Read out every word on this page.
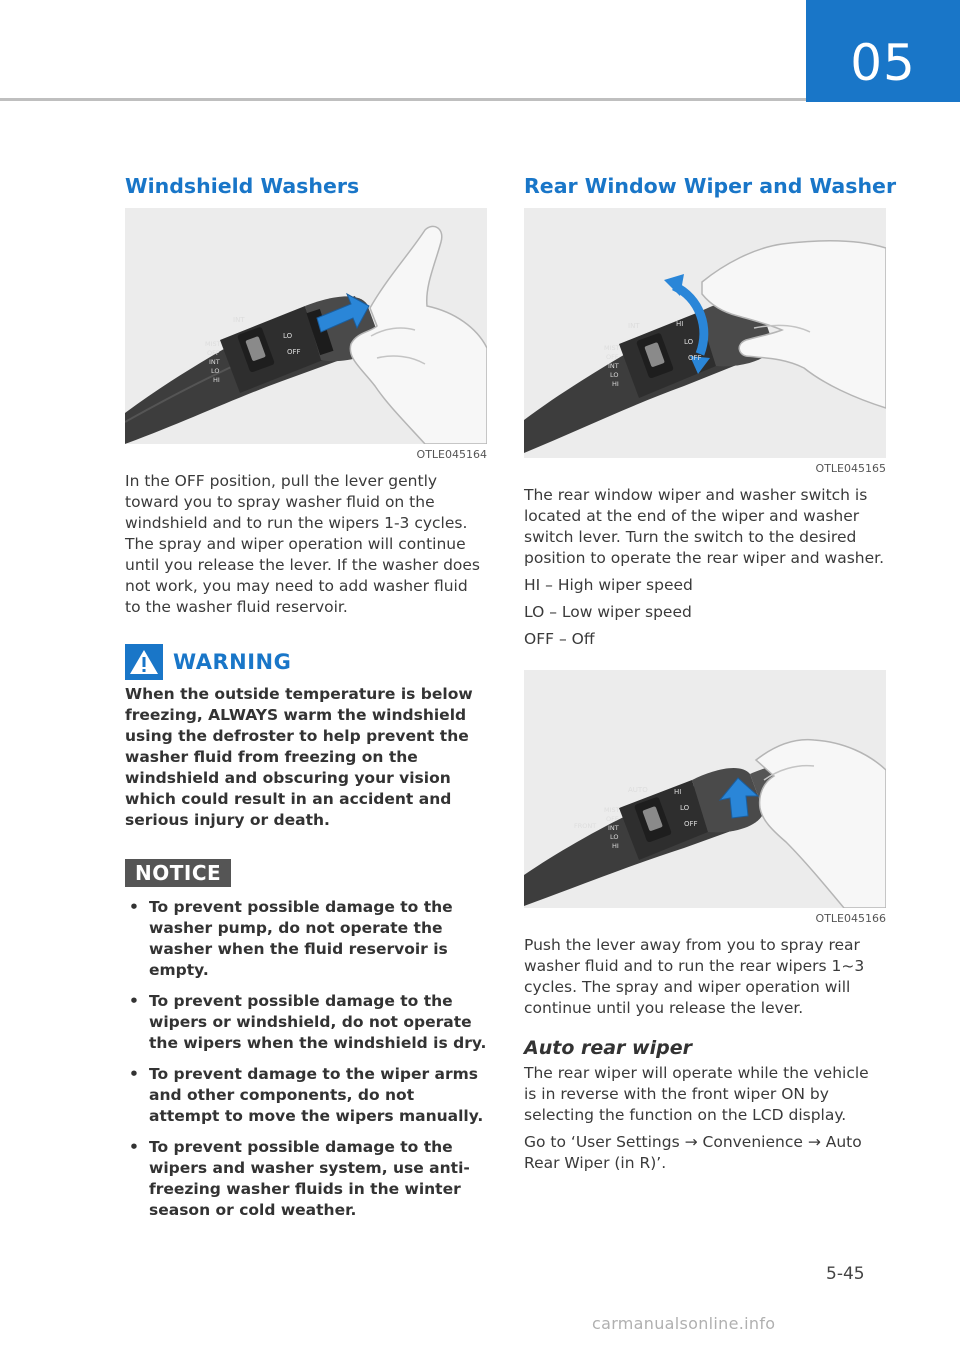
05
Windshield Washers
INT
LO
OFF
MIST
OFF
INT
LO
HI
OTLE045164

In the OFF position, pull the lever gently toward you to spray washer fluid on the windshield and to run the wipers 1-3 cycles. The spray and wiper operation will continue until you release the lever. If the washer does not work, you may need to add washer fluid to the washer fluid reservoir.

WARNING

When the outside temperature is below freezing, ALWAYS warm the windshield using the defroster to help prevent the washer fluid from freezing on the windshield and obscuring your vision which could result in an accident and serious injury or death.

NOTICE
• To prevent possible damage to the washer pump, do not operate the washer when the fluid reservoir is empty.
• To prevent possible damage to the wipers or windshield, do not operate the wipers when the windshield is dry.
• To prevent damage to the wiper arms and other components, do not attempt to move the wipers manually.
• To prevent possible damage to the wipers and washer system, use anti-freezing washer fluids in the winter season or cold weather.
Rear Window Wiper and Washer
INT	HI
LO
OFF
MIST
OFF
INT
LO
HI
OTLE045165

The rear window wiper and washer switch is located at the end of the wiper and washer switch lever. Turn the switch to the desired position to operate the rear wiper and washer.

HI – High wiper speed

LO – Low wiper speed

OFF – Off

AUTO	HI
LO
OFF
FRONT
MIST
OFF
INT
LO
HI
OTLE045166

Push the lever away from you to spray rear washer fluid and to run the rear wipers 1~3 cycles. The spray and wiper operation will continue until you release the lever.

Auto rear wiper

The rear wiper will operate while the vehicle is in reverse with the front wiper ON by selecting the function on the LCD display.

Go to ‘User Settings → Convenience → Auto Rear Wiper (in R)’.

5-45
carmanualsonline.info
